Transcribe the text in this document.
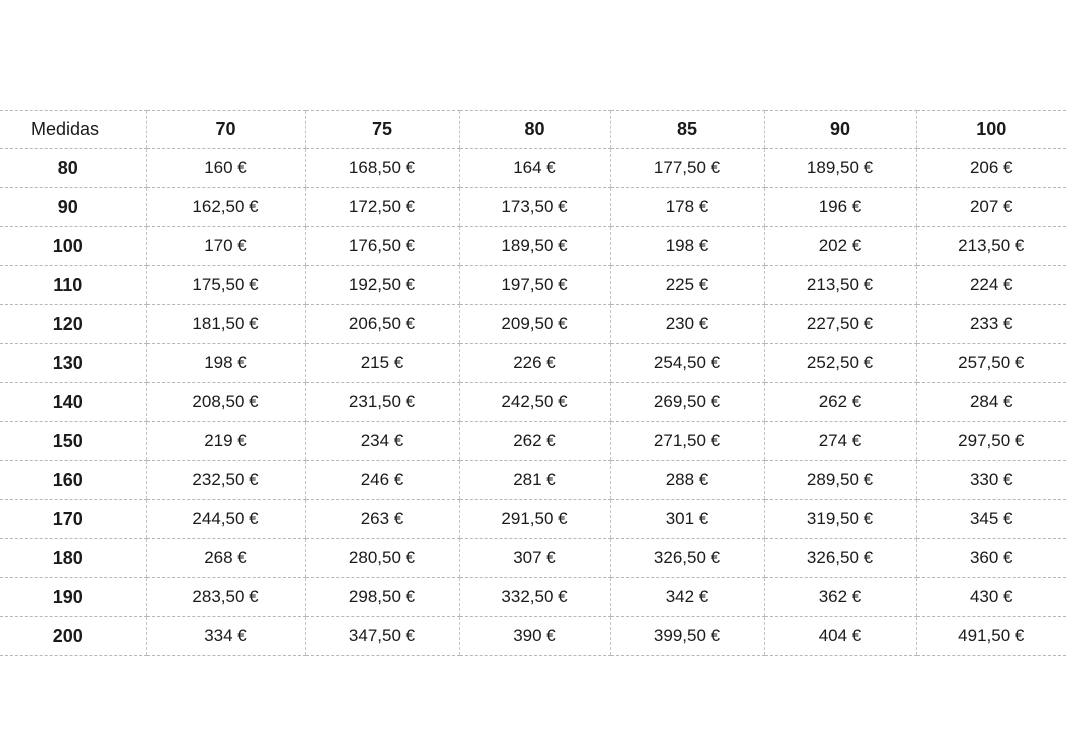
Medidas	70	75	80	85	90	100
80	160 €	168,50 €	164 €	177,50 €	189,50 €	206 €
90	162,50 €	172,50 €	173,50 €	178 €	196 €	207 €
100	170 €	176,50 €	189,50 €	198 €	202 €	213,50 €
110	175,50 €	192,50 €	197,50 €	225 €	213,50 €	224 €
120	181,50 €	206,50 €	209,50 €	230 €	227,50 €	233 €
130	198 €	215 €	226 €	254,50 €	252,50 €	257,50 €
140	208,50 €	231,50 €	242,50 €	269,50 €	262 €	284 €
150	219 €	234 €	262 €	271,50 €	274 €	297,50 €
160	232,50 €	246 €	281 €	288 €	289,50 €	330 €
170	244,50 €	263 €	291,50 €	301 €	319,50 €	345 €
180	268 €	280,50 €	307 €	326,50 €	326,50 €	360 €
190	283,50 €	298,50 €	332,50 €	342 €	362 €	430 €
200	334 €	347,50 €	390 €	399,50 €	404 €	491,50 €
